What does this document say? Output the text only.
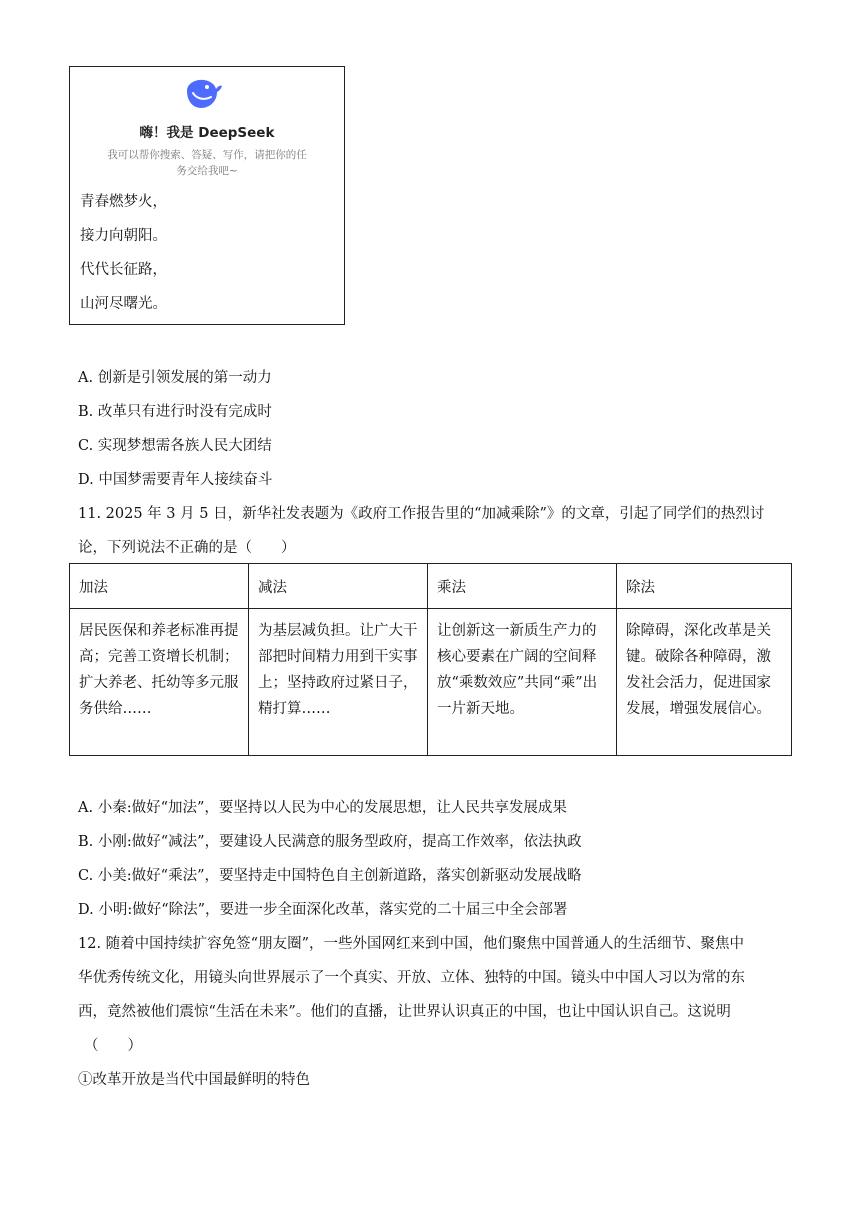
嗨！我是 DeepSeek
我可以帮你搜索、答疑、写作，请把你的任
务交给我吧~
青春燃梦火，
接力向朝阳。
代代长征路，
山河尽曙光。
A. 创新是引领发展的第一动力
B. 改革只有进行时没有完成时
C. 实现梦想需各族人民大团结
D. 中国梦需要青年人接续奋斗
11. 2025 年 3 月 5 日，新华社发表题为《政府工作报告里的“加减乘除”》的文章，引起了同学们的热烈讨
论，下列说法不正确的是（　　）
加法	减法	乘法	除法
居民医保和养老标准再提高；完善工资增长机制；扩大养老、托幼等多元服务供给……	为基层减负担。让广大干部把时间精力用到干实事上；坚持政府过紧日子，精打算……	让创新这一新质生产力的核心要素在广阔的空间释放“乘数效应”共同“乘”出一片新天地。	除障碍，深化改革是关键。破除各种障碍，激发社会活力，促进国家发展，增强发展信心。
A. 小秦:做好“加法”，要坚持以人民为中心的发展思想，让人民共享发展成果
B. 小刚:做好“减法”，要建设人民满意的服务型政府，提高工作效率，依法执政
C. 小美:做好“乘法”，要坚持走中国特色自主创新道路，落实创新驱动发展战略
D. 小明:做好“除法”，要进一步全面深化改革，落实党的二十届三中全会部署
12. 随着中国持续扩容免签“朋友圈”，一些外国网红来到中国，他们聚焦中国普通人的生活细节、聚焦中
华优秀传统文化，用镜头向世界展示了一个真实、开放、立体、独特的中国。镜头中中国人习以为常的东
西，竟然被他们震惊“生活在未来”。他们的直播，让世界认识真正的中国，也让中国认识自己。这说明
（　　）
①改革开放是当代中国最鲜明的特色
